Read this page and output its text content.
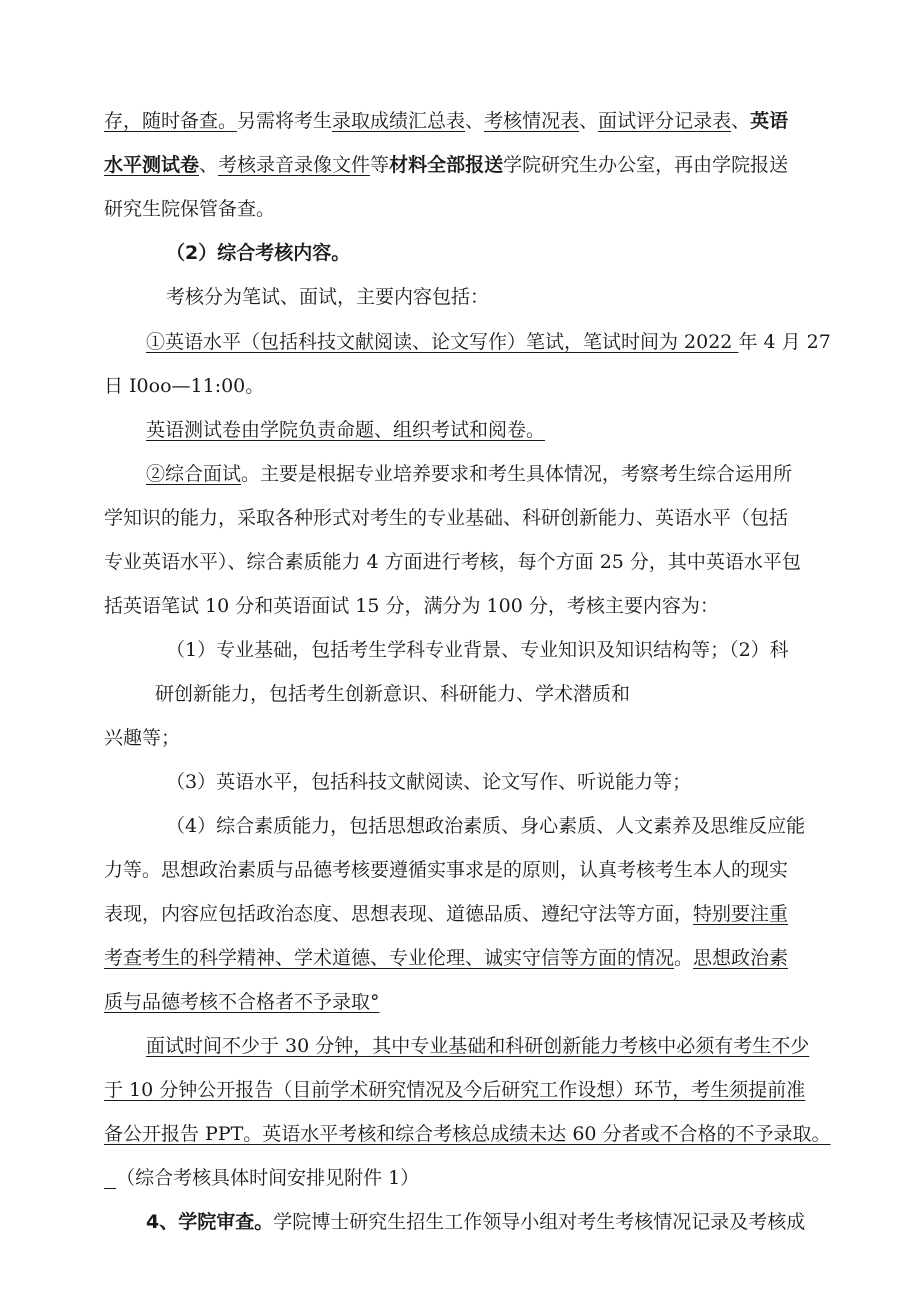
存，随时备查。另需将考生录取成绩汇总表、考核情况表、面试评分记录表、英语
水平测试卷、考核录音录像文件等材料全部报送学院研究生办公室，再由学院报送
研究生院保管备查。
（2）综合考核内容。
考核分为笔试、面试，主要内容包括：
①英语水平（包括科技文献阅读、论文写作）笔试，笔试时间为 2022 年 4 月 27
日 I0oo—11:00。
英语测试卷由学院负责命题、组织考试和阅卷。
②综合面试。主要是根据专业培养要求和考生具体情况，考察考生综合运用所
学知识的能力，采取各种形式对考生的专业基础、科研创新能力、英语水平（包括
专业英语水平）、综合素质能力 4 方面进行考核，每个方面 25 分，其中英语水平包
括英语笔试 10 分和英语面试 15 分，满分为 100 分，考核主要内容为：
（1）专业基础，包括考生学科专业背景、专业知识及知识结构等；（2）科
研创新能力，包括考生创新意识、科研能力、学术潜质和
兴趣等；
（3）英语水平，包括科技文献阅读、论文写作、听说能力等；
（4）综合素质能力，包括思想政治素质、身心素质、人文素养及思维反应能
力等。思想政治素质与品德考核要遵循实事求是的原则，认真考核考生本人的现实
表现，内容应包括政治态度、思想表现、道德品质、遵纪守法等方面，特别要注重
考查考生的科学精神、学术道德、专业伦理、诚实守信等方面的情况。思想政治素
质与品德考核不合格者不予录取°
面试时间不少于 30 分钟，其中专业基础和科研创新能力考核中必须有考生不少
于 10 分钟公开报告（目前学术研究情况及今后研究工作设想）环节，考生须提前准
备公开报告 PPT。英语水平考核和综合考核总成绩未达 60 分者或不合格的不予录取。
（综合考核具体时间安排见附件 1）
4、学院审查。学院博士研究生招生工作领导小组对考生考核情况记录及考核成
